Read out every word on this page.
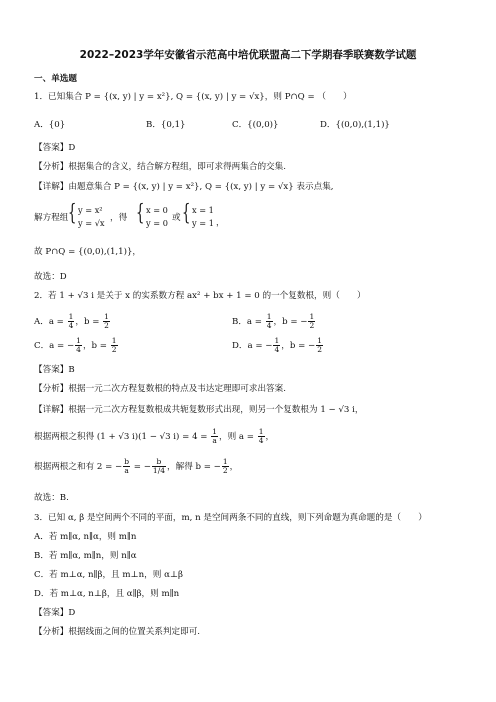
2022–2023学年安徽省示范高中培优联盟高二下学期春季联赛数学试题
一、单选题
1．已知集合 P = {(x, y) | y = x²}, Q = {(x, y) | y = √x}，则 P∩Q = （　　）
A．{0}	B．{0,1}	C．{(0,0)}	D．{(0,0),(1,1)}
【答案】D
【分析】根据集合的含义，结合解方程组，即可求得两集合的交集.
【详解】由题意集合 P = {(x, y) | y = x²}, Q = {(x, y) | y = √x} 表示点集,
解方程组 { y = x²
y = √x ，得 { x = 0
y = 0 或 { x = 1
y = 1 ，
故 P∩Q = {(0,0),(1,1)}，
故选：D
2．若 1 + √3 i 是关于 x 的实系数方程 ax² + bx + 1 = 0 的一个复数根，则（　　）
A．$a = \frac{1}{4}$ ，$b = \frac{1}{2}$	B．$a = \frac{1}{4}$ ，b = − $\frac{1}{2}$
C．a = − $\frac{1}{4}$ ，$b = \frac{1}{2}$	D．a = − $\frac{1}{4}$ ，b = − $\frac{1}{2}$
【答案】B
【分析】根据一元二次方程复数根的特点及韦达定理即可求出答案.
【详解】根据一元二次方程复数根成共轭复数形式出现，则另一个复数根为 1 − √3 i，
根据两根之积得 (1 + √3 i)(1 − √3 $i) = 4 = \frac{1}{a}$ ，则 $a = \frac{1}{4}$ ，
根据两根之和有 2 = − $\frac{b}{a}$ = − $\frac{b}{1/4}$ ，解得 b = − $\frac{1}{2}$ ，
故选：B.
3．已知 α, β 是空间两个不同的平面，m, n 是空间两条不同的直线，则下列命题为真命题的是（　　）
A．若 m∥α, n∥α，则 m∥n
B．若 m∥α, m∥n，则 n∥α
C．若 m⊥α, n∥β，且 m⊥n，则 α⊥β
D．若 m⊥α, n⊥β，且 α∥β，则 m∥n
【答案】D
【分析】根据线面之间的位置关系判定即可.
